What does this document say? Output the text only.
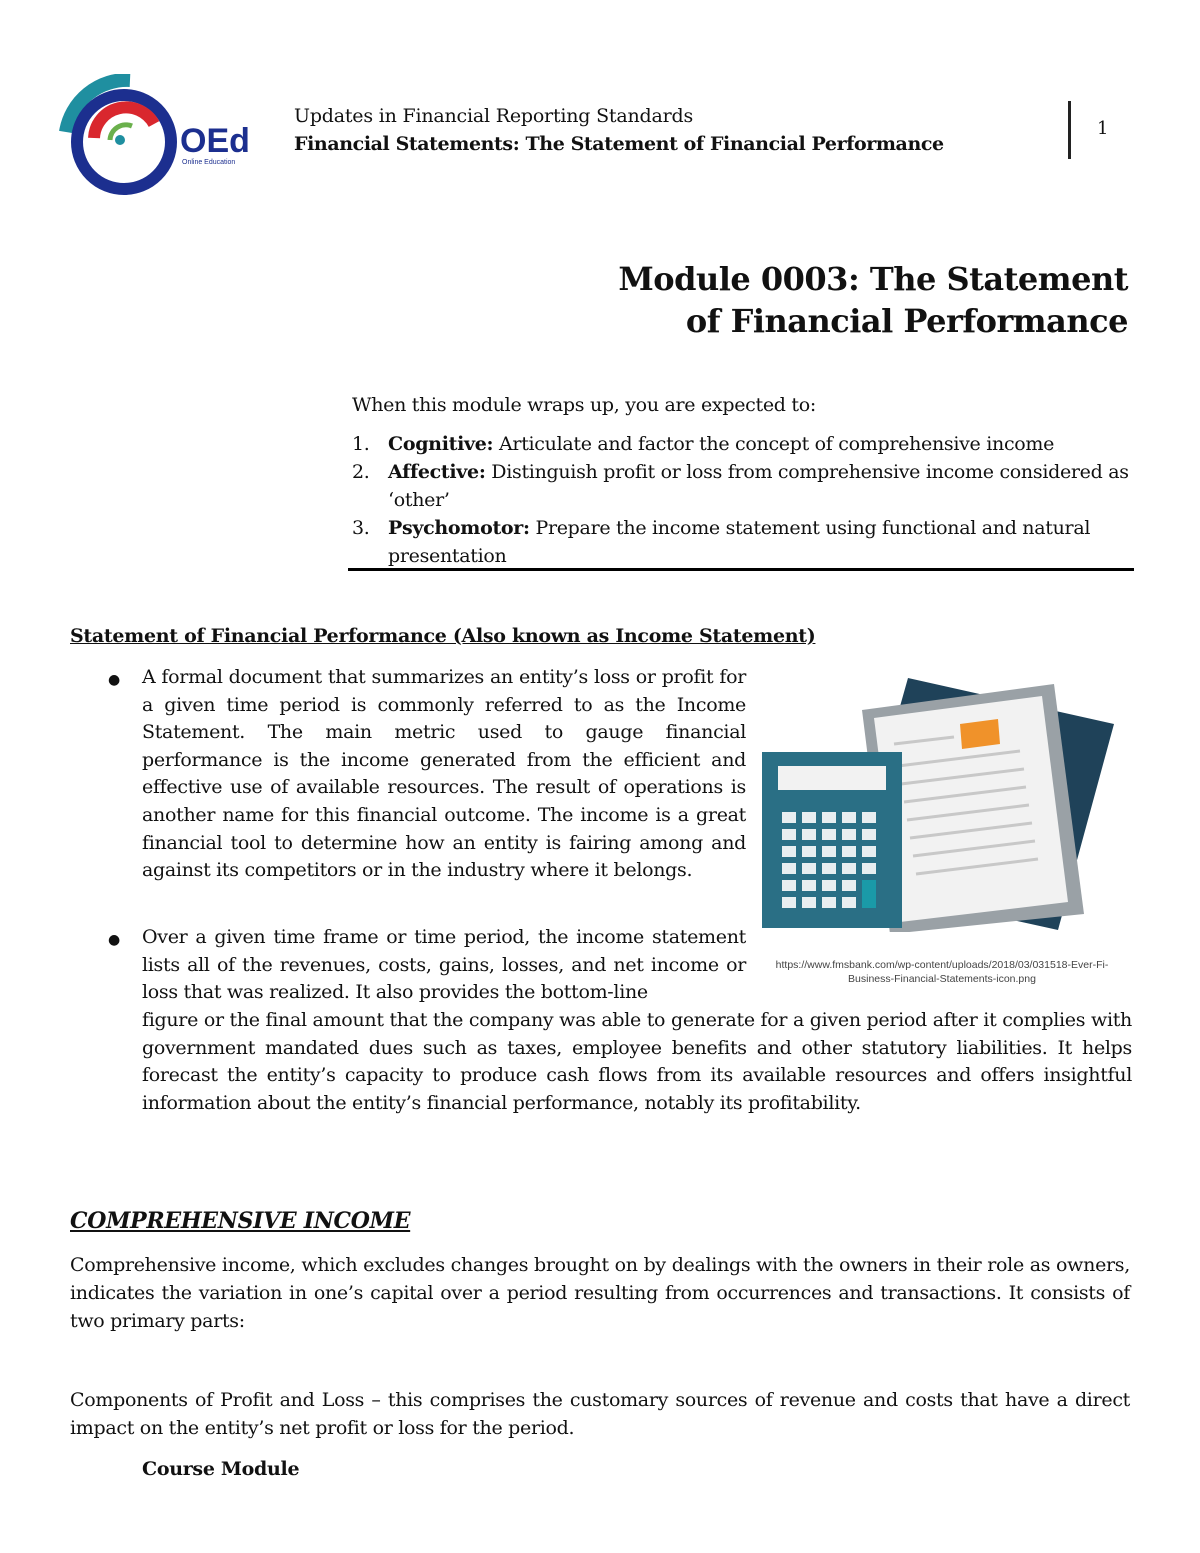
OEd
Online Education
Updates in Financial Reporting Standards
Financial Statements: The Statement of Financial Performance
1
Module 0003: The Statement
of Financial Performance
When this module wraps up, you are expected to:
1. Cognitive: Articulate and factor the concept of comprehensive income
2. Affective: Distinguish profit or loss from comprehensive income considered as ‘other’
3. Psychomotor: Prepare the income statement using functional and natural presentation
Statement of Financial Performance (Also known as Income Statement)
● A formal document that summarizes an entity’s loss or profit for a given time period is commonly referred to as the Income Statement. The main metric used to gauge financial performance is the income generated from the efficient and effective use of available resources. The result of operations is another name for this financial outcome. The income is a great financial tool to determine how an entity is fairing among and against its competitors or in the industry where it belongs.
● Over a given time frame or time period, the income statement lists all of the revenues, costs, gains, losses, and net income or loss that was realized. It also provides the bottom-line
figure or the final amount that the company was able to generate for a given period after it complies with government mandated dues such as taxes, employee benefits and other statutory liabilities. It helps forecast the entity’s capacity to produce cash flows from its available resources and offers insightful information about the entity’s financial performance, notably its profitability.
https://www.fmsbank.com/wp-content/uploads/2018/03/031518-Ever-Fi-Business-Financial-Statements-icon.png
COMPREHENSIVE INCOME
Comprehensive income, which excludes changes brought on by dealings with the owners in their role as owners, indicates the variation in one’s capital over a period resulting from occurrences and transactions. It consists of two primary parts:
Components of Profit and Loss – this comprises the customary sources of revenue and costs that have a direct impact on the entity’s net profit or loss for the period.
Course Module
